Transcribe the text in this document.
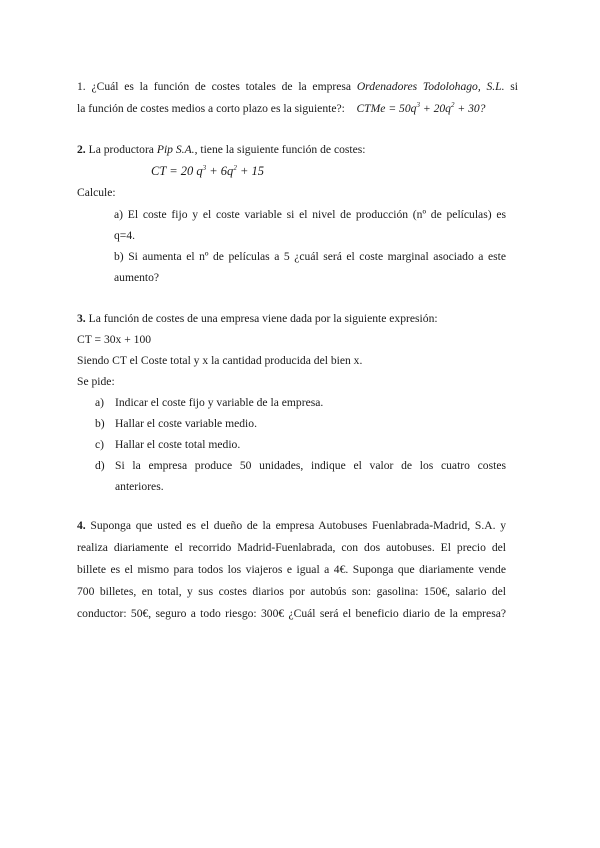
1. ¿Cuál es la función de costes totales de la empresa Ordenadores Todolohago, S.L. si
la función de costes medios a corto plazo es la siguiente?: CTMe = $50q^3 + 20q^2 + 30$?
2. La productora Pip S.A., tiene la siguiente función de costes:
CT = 20 $q^3 + 6q^2 + 15$
Calcule:
a) El coste fijo y el coste variable si el nivel de producción (nº de películas) es
q=4.
b) Si aumenta el nº de películas a 5 ¿cuál será el coste marginal asociado a este
aumento?
3. La función de costes de una empresa viene dada por la siguiente expresión:
CT = 30x + 100
Siendo CT el Coste total y x la cantidad producida del bien x.
Se pide:
a) Indicar el coste fijo y variable de la empresa.
b) Hallar el coste variable medio.
c) Hallar el coste total medio.
d) Si la empresa produce 50 unidades, indique el valor de los cuatro costes
anteriores.
4. Suponga que usted es el dueño de la empresa Autobuses Fuenlabrada-Madrid, S.A. y
realiza diariamente el recorrido Madrid-Fuenlabrada, con dos autobuses. El precio del
billete es el mismo para todos los viajeros e igual a 4€. Suponga que diariamente vende
700 billetes, en total, y sus costes diarios por autobús son: gasolina: 150€, salario del
conductor: 50€, seguro a todo riesgo: 300€ ¿Cuál será el beneficio diario de la empresa?
